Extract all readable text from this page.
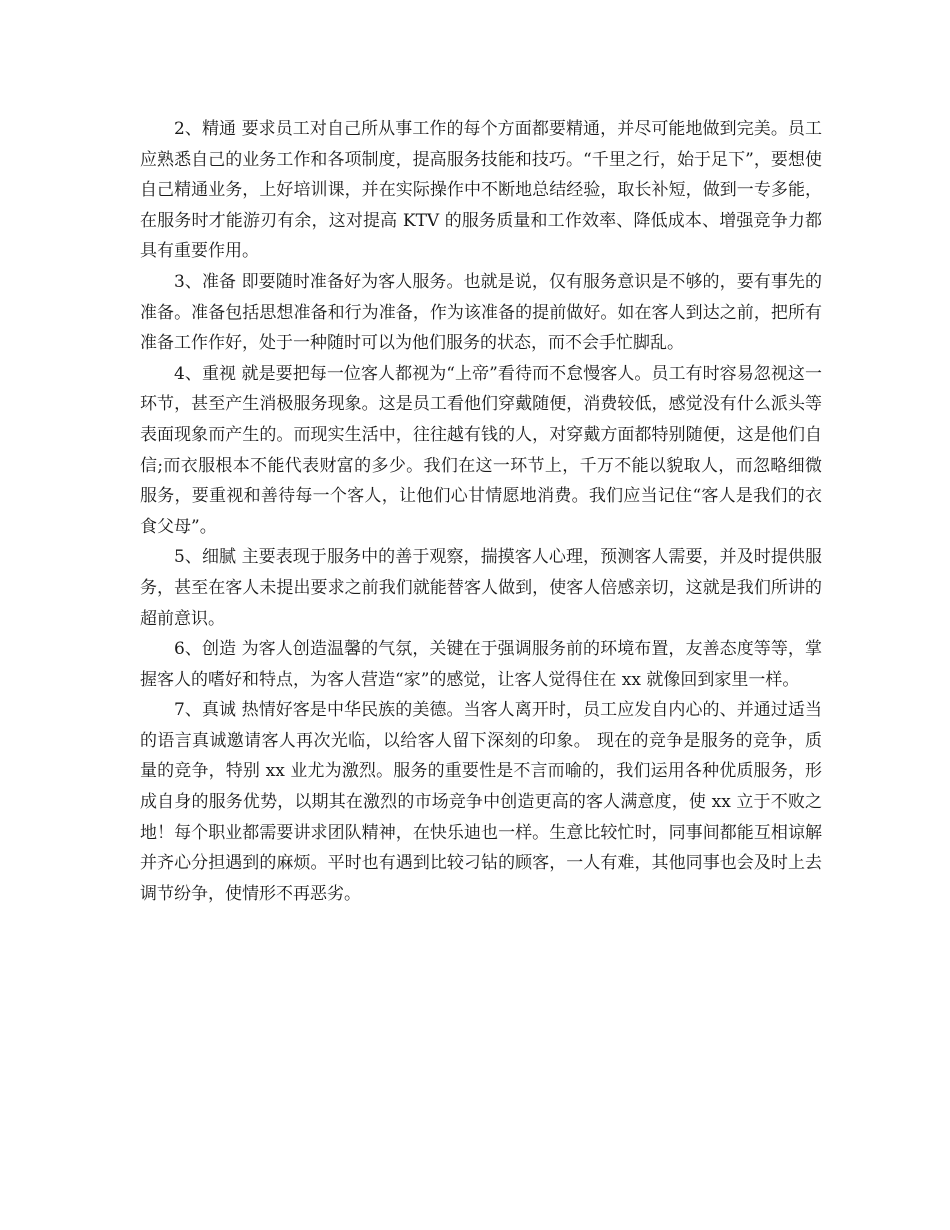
2、精通 要求员工对自己所从事工作的每个方面都要精通，并尽可能地做到完美。员工应熟悉自己的业务工作和各项制度，提高服务技能和技巧。“千里之行，始于足下”，要想使自己精通业务，上好培训课，并在实际操作中不断地总结经验，取长补短，做到一专多能，在服务时才能游刃有余，这对提高 KTV 的服务质量和工作效率、降低成本、增强竞争力都具有重要作用。

3、准备 即要随时准备好为客人服务。也就是说，仅有服务意识是不够的，要有事先的准备。准备包括思想准备和行为准备，作为该准备的提前做好。如在客人到达之前，把所有准备工作作好，处于一种随时可以为他们服务的状态，而不会手忙脚乱。

4、重视 就是要把每一位客人都视为“上帝”看待而不怠慢客人。员工有时容易忽视这一环节，甚至产生消极服务现象。这是员工看他们穿戴随便，消费较低，感觉没有什么派头等表面现象而产生的。而现实生活中，往往越有钱的人，对穿戴方面都特别随便，这是他们自信;而衣服根本不能代表财富的多少。我们在这一环节上，千万不能以貌取人，而忽略细微服务，要重视和善待每一个客人，让他们心甘情愿地消费。我们应当记住“客人是我们的衣食父母”。

5、细腻 主要表现于服务中的善于观察，揣摸客人心理，预测客人需要，并及时提供服务，甚至在客人未提出要求之前我们就能替客人做到，使客人倍感亲切，这就是我们所讲的超前意识。

6、创造 为客人创造温馨的气氛，关键在于强调服务前的环境布置，友善态度等等，掌握客人的嗜好和特点，为客人营造“家”的感觉，让客人觉得住在 xx 就像回到家里一样。

7、真诚 热情好客是中华民族的美德。当客人离开时，员工应发自内心的、并通过适当的语言真诚邀请客人再次光临，以给客人留下深刻的印象。 现在的竞争是服务的竞争，质量的竞争，特别 xx 业尤为激烈。服务的重要性是不言而喻的，我们运用各种优质服务，形成自身的服务优势，以期其在激烈的市场竞争中创造更高的客人满意度，使 xx 立于不败之地！每个职业都需要讲求团队精神，在快乐迪也一样。生意比较忙时，同事间都能互相谅解并齐心分担遇到的麻烦。平时也有遇到比较刁钻的顾客，一人有难，其他同事也会及时上去调节纷争，使情形不再恶劣。
